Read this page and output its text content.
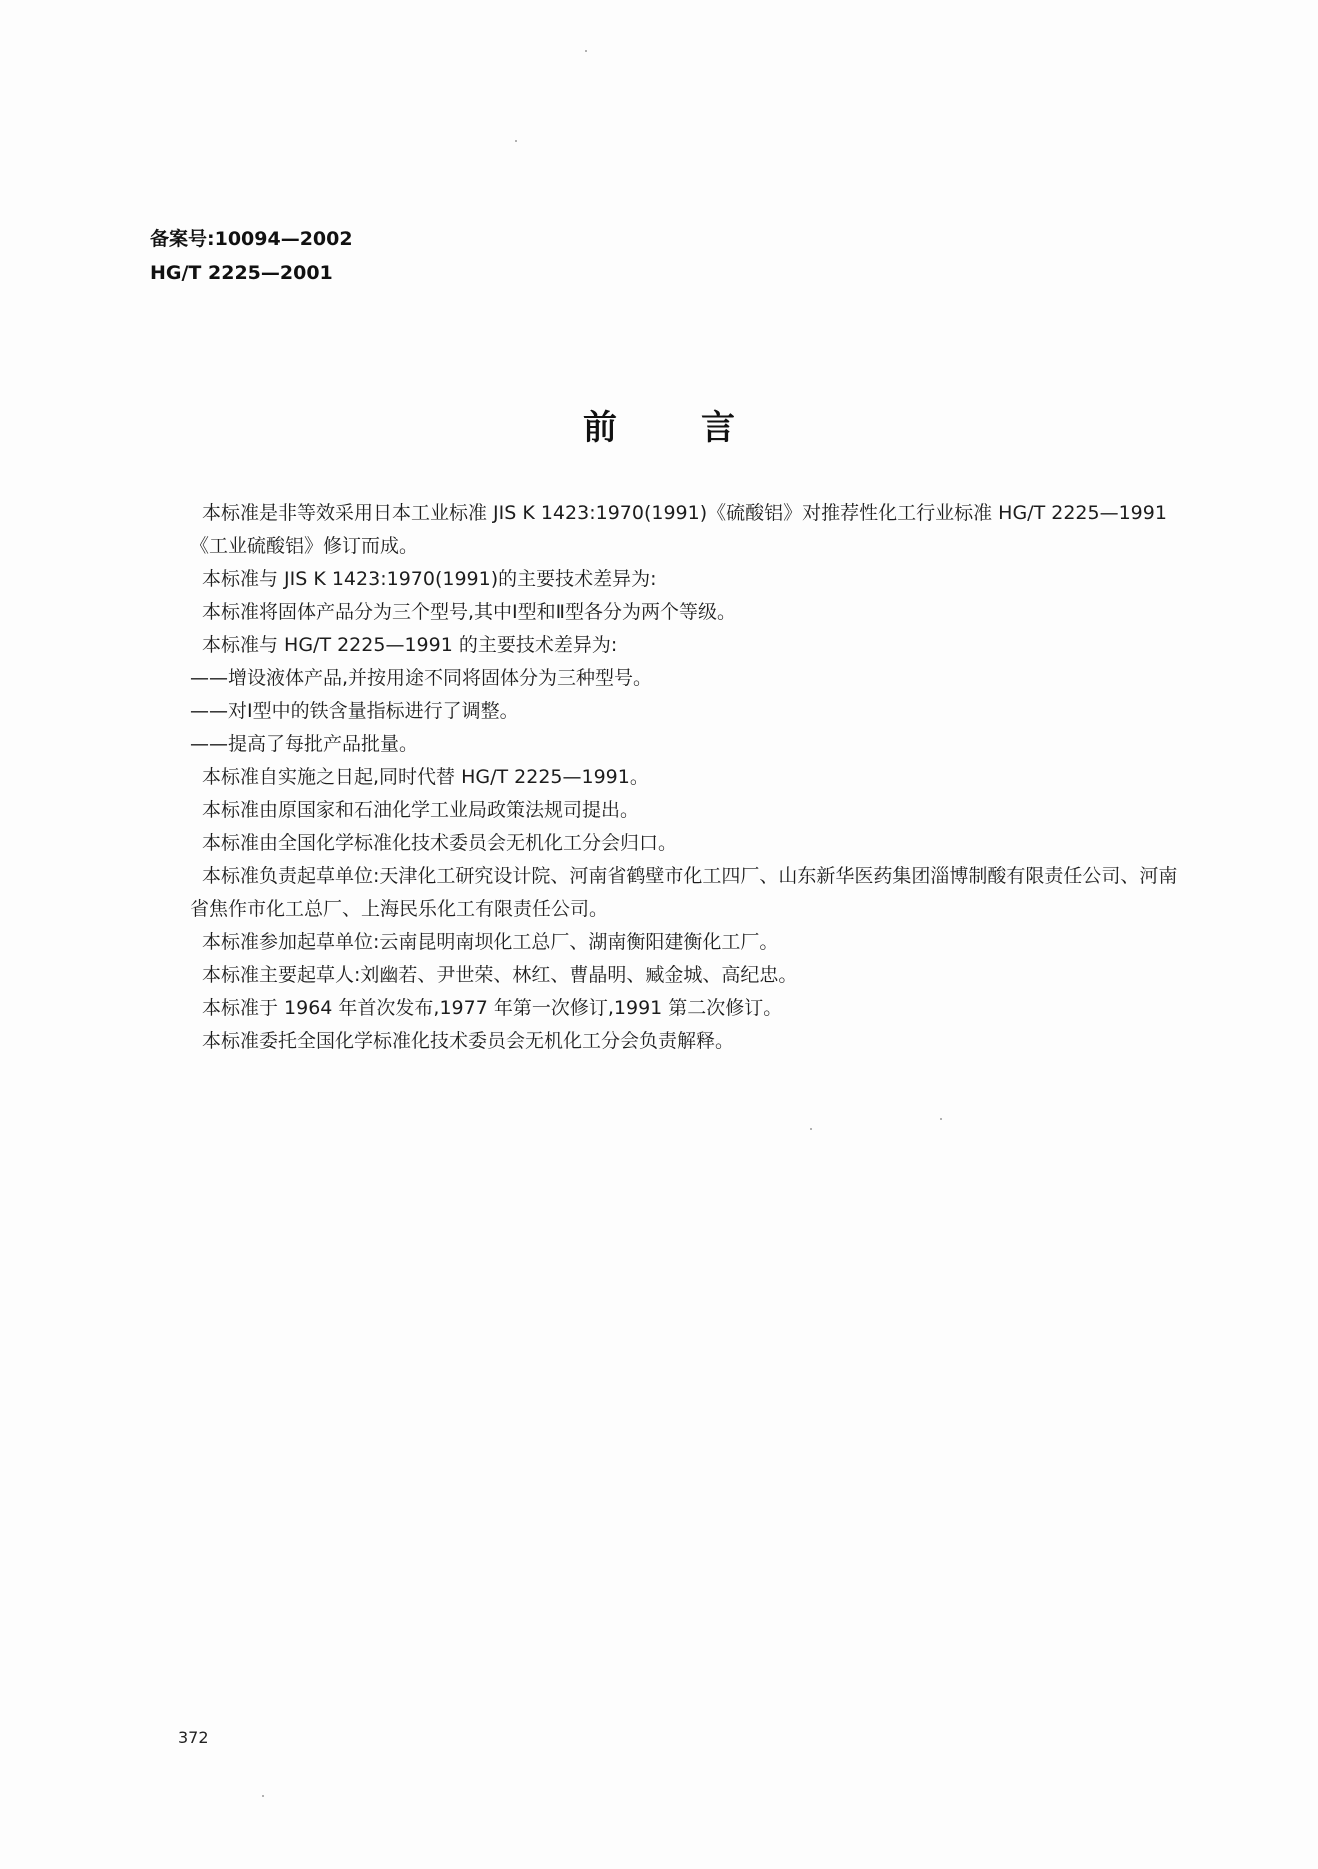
备案号:10094—2002
HG/T 2225—2001
前言

本标准是非等效采用日本工业标准 JIS K 1423:1970(1991)《硫酸铝》对推荐性化工行业标准 HG/T 2225—1991《工业硫酸铝》修订而成。

本标准与 JIS K 1423:1970(1991)的主要技术差异为:

本标准将固体产品分为三个型号,其中Ⅰ型和Ⅱ型各分为两个等级。

本标准与 HG/T 2225—1991 的主要技术差异为:

——增设液体产品,并按用途不同将固体分为三种型号。

——对Ⅰ型中的铁含量指标进行了调整。

——提高了每批产品批量。

本标准自实施之日起,同时代替 HG/T 2225—1991。

本标准由原国家和石油化学工业局政策法规司提出。

本标准由全国化学标准化技术委员会无机化工分会归口。

本标准负责起草单位:天津化工研究设计院、河南省鹤壁市化工四厂、山东新华医药集团淄博制酸有限责任公司、河南省焦作市化工总厂、上海民乐化工有限责任公司。

本标准参加起草单位:云南昆明南坝化工总厂、湖南衡阳建衡化工厂。

本标准主要起草人:刘幽若、尹世荣、林红、曹晶明、臧金城、高纪忠。

本标准于 1964 年首次发布,1977 年第一次修订,1991 第二次修订。

本标准委托全国化学标准化技术委员会无机化工分会负责解释。

372
